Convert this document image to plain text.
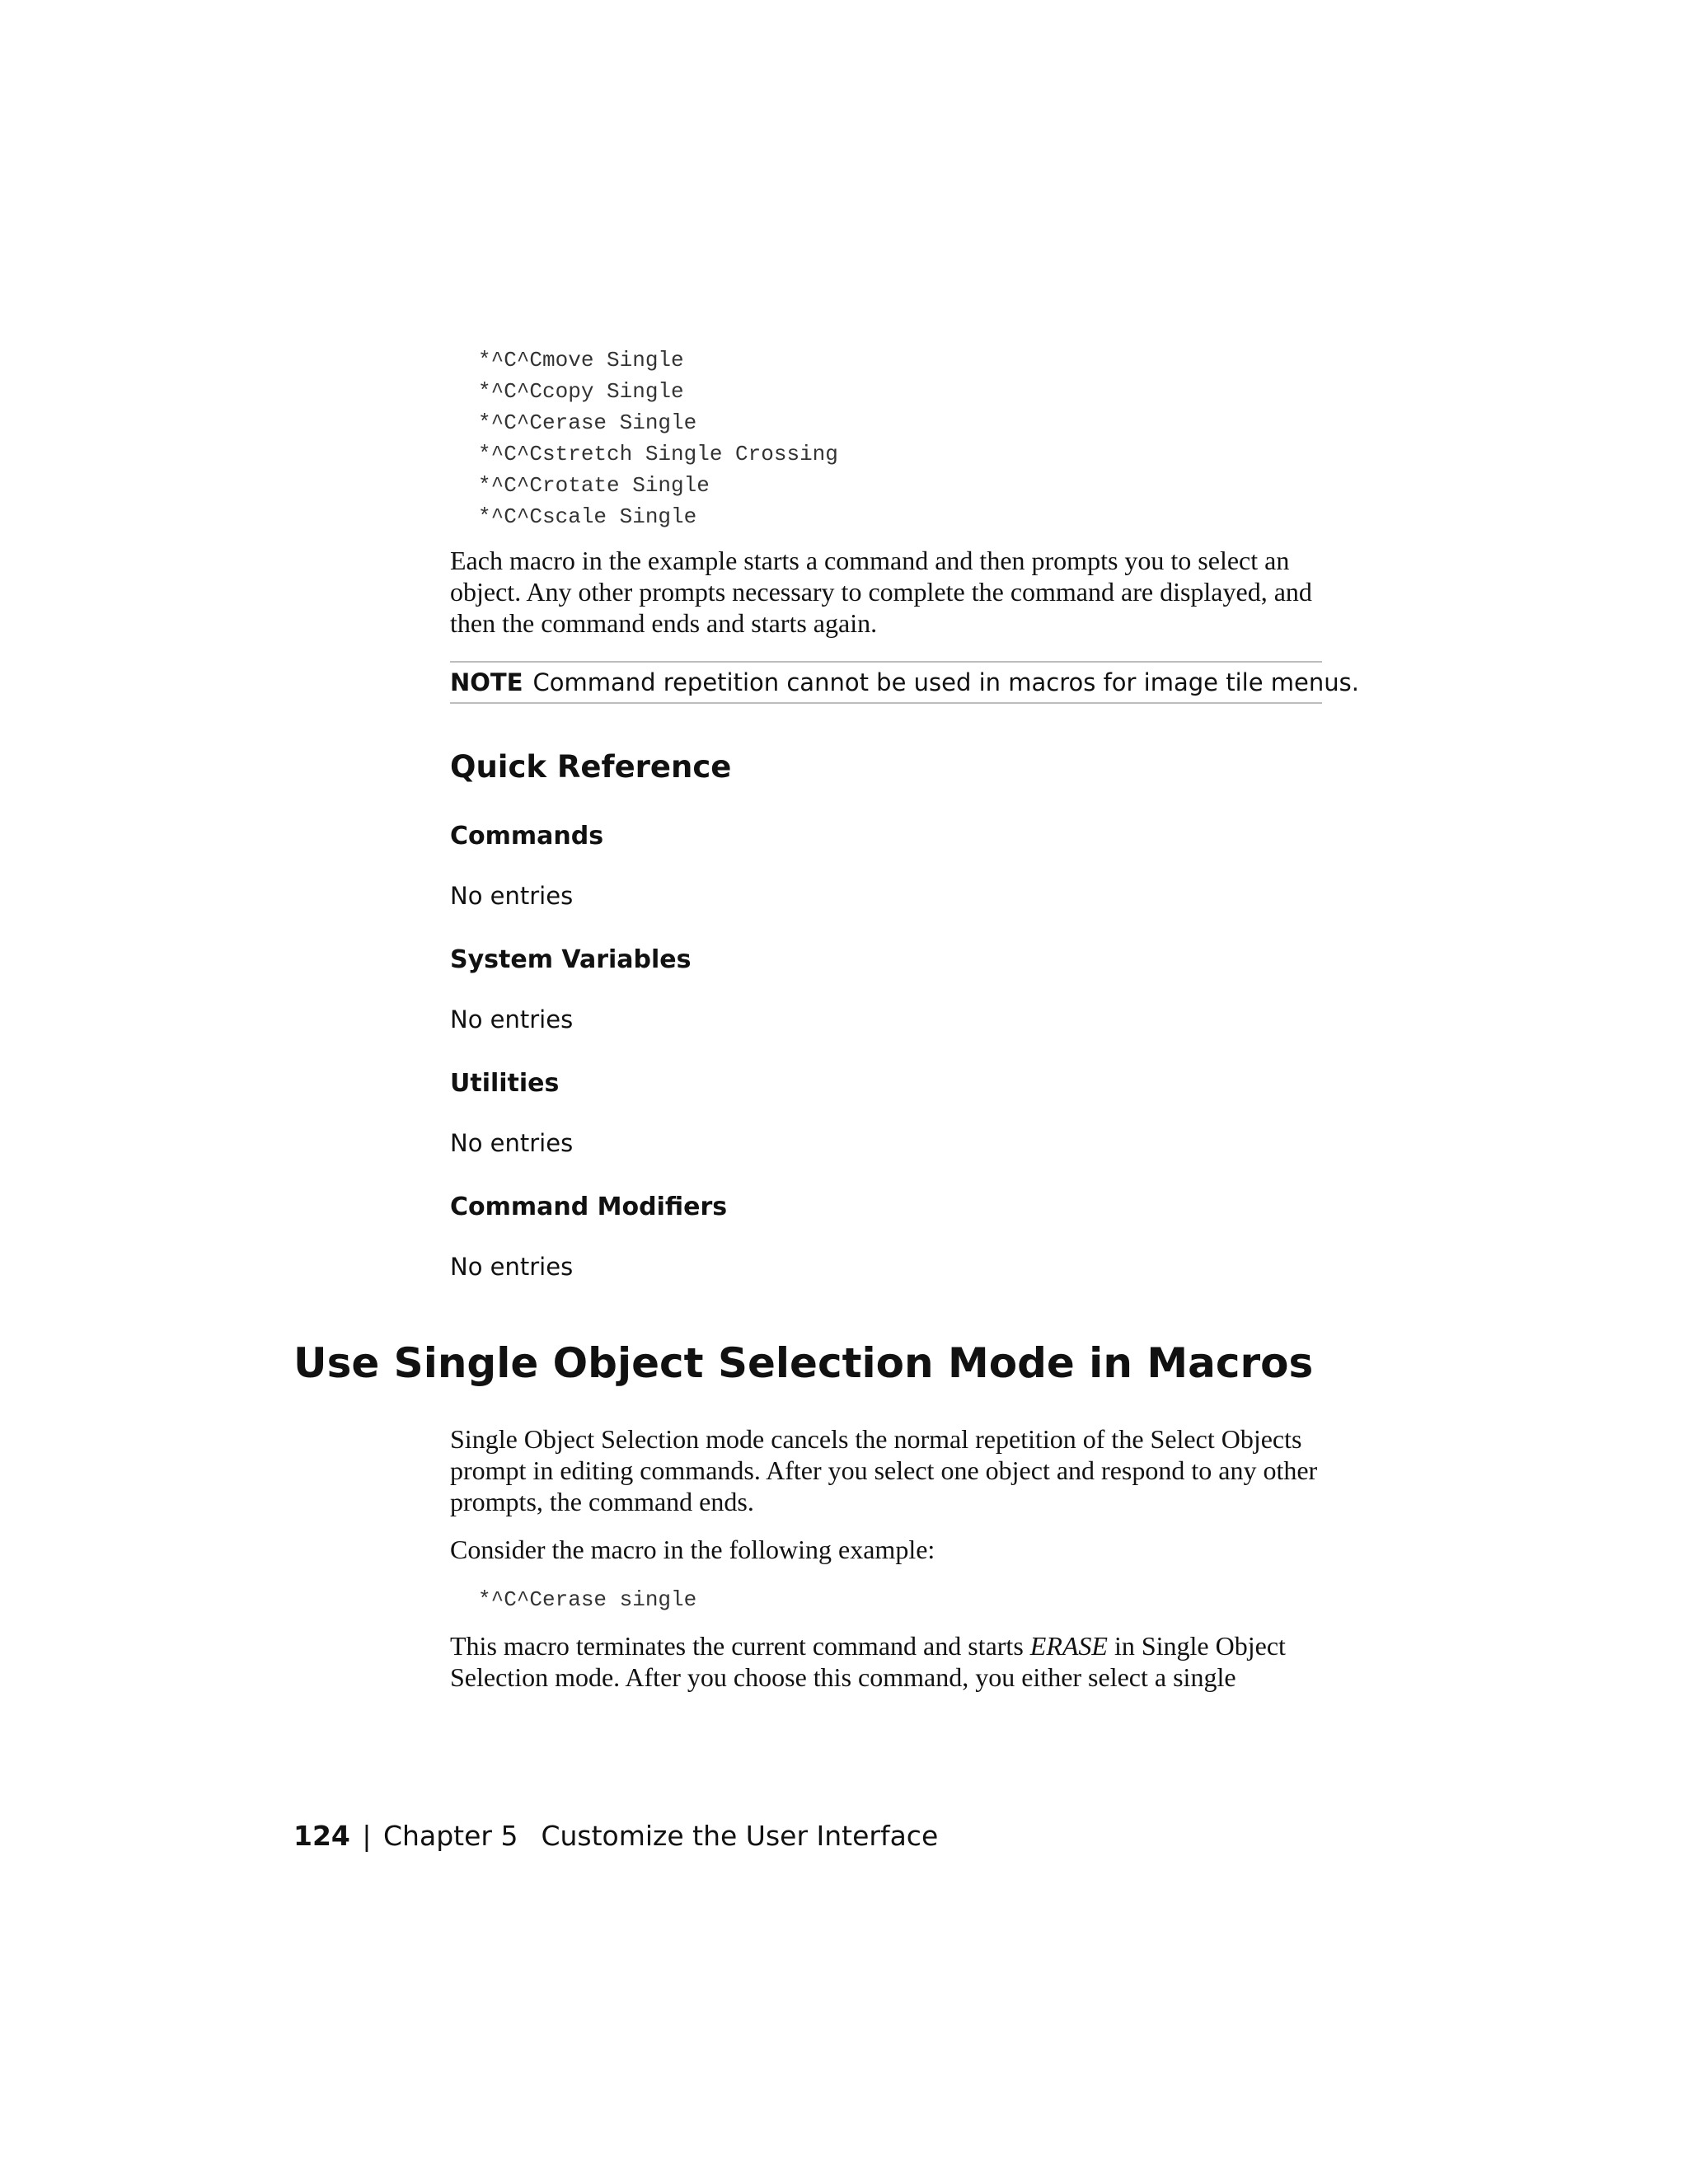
*^C^Cmove Single
*^C^Ccopy Single
*^C^Cerase Single
*^C^Cstretch Single Crossing
*^C^Crotate Single
*^C^Cscale Single

Each macro in the example starts a command and then prompts you to select an object. Any other prompts necessary to complete the command are displayed, and then the command ends and starts again.

NOTE Command repetition cannot be used in macros for image tile menus.
Quick Reference
Commands

No entries

System Variables

No entries

Utilities

No entries

Command Modifiers

No entries

Use Single Object Selection Mode in Macros

Single Object Selection mode cancels the normal repetition of the Select Objects prompt in editing commands. After you select one object and respond to any other prompts, the command ends.

Consider the macro in the following example:

*^C^Cerase single

This macro terminates the current command and starts ERASE in Single Object Selection mode. After you choose this command, you either select a single

124 | Chapter 5 Customize the User Interface
